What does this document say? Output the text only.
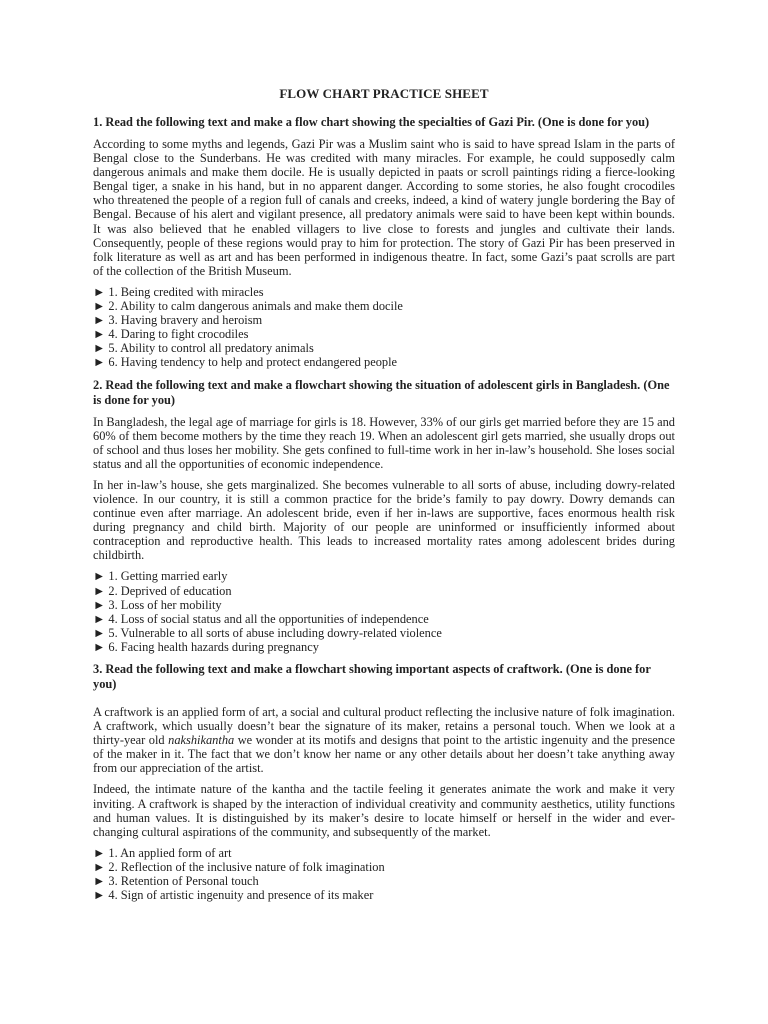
FLOW CHART PRACTICE SHEET
1. Read the following text and make a flow chart showing the specialties of Gazi Pir. (One is done for you)
According to some myths and legends, Gazi Pir was a Muslim saint who is said to have spread Islam in the parts of Bengal close to the Sunderbans. He was credited with many miracles. For example, he could supposedly calm dangerous animals and make them docile. He is usually depicted in paats or scroll paintings riding a fierce-looking Bengal tiger, a snake in his hand, but in no apparent danger. According to some stories, he also fought crocodiles who threatened the people of a region full of canals and creeks, indeed, a kind of watery jungle bordering the Bay of Bengal. Because of his alert and vigilant presence, all predatory animals were said to have been kept within bounds. It was also believed that he enabled villagers to live close to forests and jungles and cultivate their lands. Consequently, people of these regions would pray to him for protection. The story of Gazi Pir has been preserved in folk literature as well as art and has been performed in indigenous theatre. In fact, some Gazi’s paat scrolls are part of the collection of the British Museum.
► 1. Being credited with miracles
► 2. Ability to calm dangerous animals and make them docile
► 3. Having bravery and heroism
► 4. Daring to fight crocodiles
► 5. Ability to control all predatory animals
► 6. Having tendency to help and protect endangered people
2. Read the following text and make a flowchart showing the situation of adolescent girls in Bangladesh. (One is done for you)
In Bangladesh, the legal age of marriage for girls is 18. However, 33% of our girls get married before they are 15 and 60% of them become mothers by the time they reach 19. When an adolescent girl gets married, she usually drops out of school and thus loses her mobility. She gets confined to full-time work in her in-law’s household. She loses social status and all the opportunities of economic independence.
In her in-law’s house, she gets marginalized. She becomes vulnerable to all sorts of abuse, including dowry-related violence. In our country, it is still a common practice for the bride’s family to pay dowry. Dowry demands can continue even after marriage. An adolescent bride, even if her in-laws are supportive, faces enormous health risk during pregnancy and child birth. Majority of our people are uninformed or insufficiently informed about contraception and reproductive health. This leads to increased mortality rates among adolescent brides during childbirth.
► 1. Getting married early
► 2. Deprived of education
► 3. Loss of her mobility
► 4. Loss of social status and all the opportunities of independence
► 5. Vulnerable to all sorts of abuse including dowry-related violence
► 6. Facing health hazards during pregnancy
3. Read the following text and make a flowchart showing important aspects of craftwork. (One is done for you)
A craftwork is an applied form of art, a social and cultural product reflecting the inclusive nature of folk imagination. A craftwork, which usually doesn’t bear the signature of its maker, retains a personal touch. When we look at a thirty-year old nakshikantha we wonder at its motifs and designs that point to the artistic ingenuity and the presence of the maker in it. The fact that we don’t know her name or any other details about her doesn’t take anything away from our appreciation of the artist.
Indeed, the intimate nature of the kantha and the tactile feeling it generates animate the work and make it very inviting. A craftwork is shaped by the interaction of individual creativity and community aesthetics, utility functions and human values. It is distinguished by its maker’s desire to locate himself or herself in the wider and ever-changing cultural aspirations of the community, and subsequently of the market.
► 1. An applied form of art
► 2. Reflection of the inclusive nature of folk imagination
► 3. Retention of Personal touch
► 4. Sign of artistic ingenuity and presence of its maker
